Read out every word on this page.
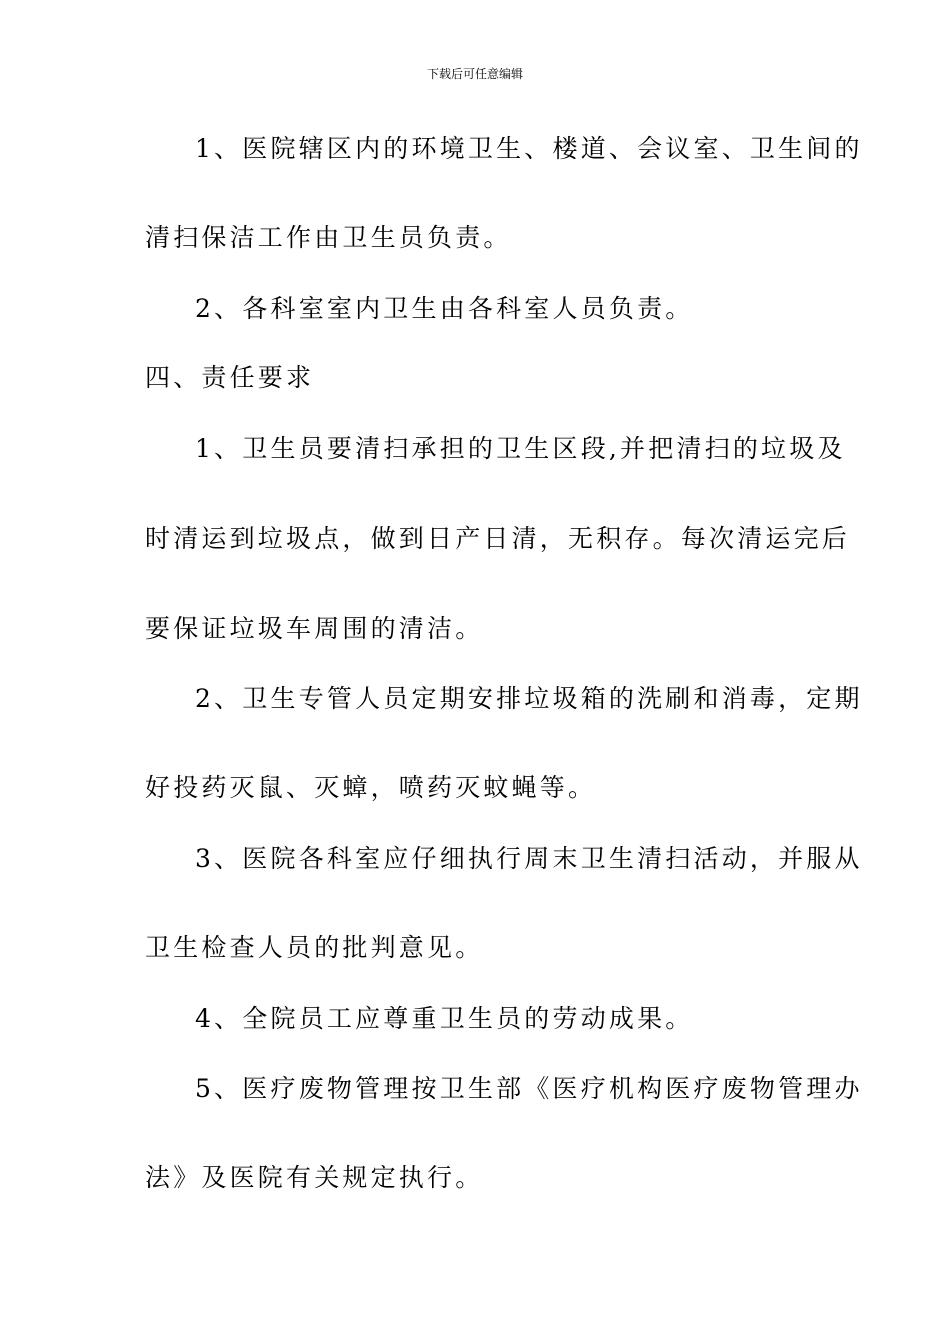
下载后可任意编辑
1、医院辖区内的环境卫生、楼道、会议室、卫生间的
清扫保洁工作由卫生员负责。
2、各科室室内卫生由各科室人员负责。
四、责任要求
1、卫生员要清扫承担的卫生区段,并把清扫的垃圾及
时清运到垃圾点，做到日产日清，无积存。每次清运完后
要保证垃圾车周围的清洁。
2、卫生专管人员定期安排垃圾箱的洗刷和消毒，定期
好投药灭鼠、灭蟑，喷药灭蚊蝇等。
3、医院各科室应仔细执行周末卫生清扫活动，并服从
卫生检查人员的批判意见。
4、全院员工应尊重卫生员的劳动成果。
5、医疗废物管理按卫生部《医疗机构医疗废物管理办
法》及医院有关规定执行。
